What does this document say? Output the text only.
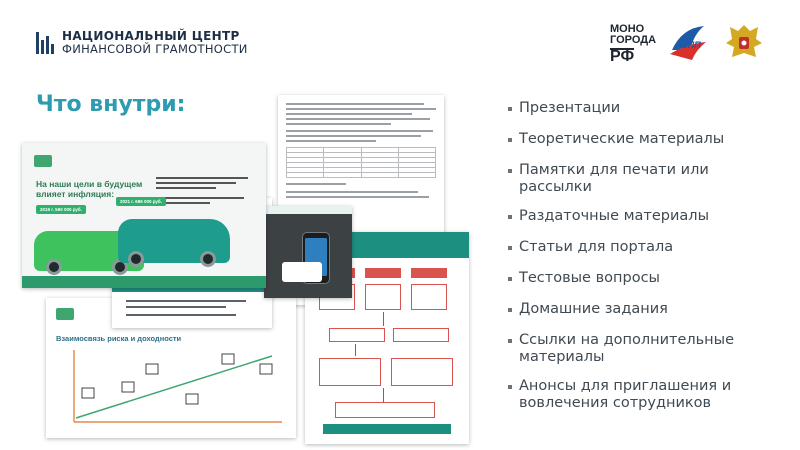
НАЦИОНАЛЬНЫЙ ЦЕНТР
ФИНАНСОВОЙ ГРАМОТНОСТИ
МОНО
ГОРОДА
РФ
РСПП
Что внутри:

Взаимосвязь риска и доходности
На наши цели в будущем влияет инфляция:
2019 г. 560 000 руб.
2021 г. 686 000 руб.
Презентации
Теоретические материалы
Памятки для печати или рассылки
Раздаточные материалы
Статьи для портала
Тестовые вопросы
Домашние задания
Ссылки на дополнительные материалы
Анонсы для приглашения и вовлечения сотрудников
